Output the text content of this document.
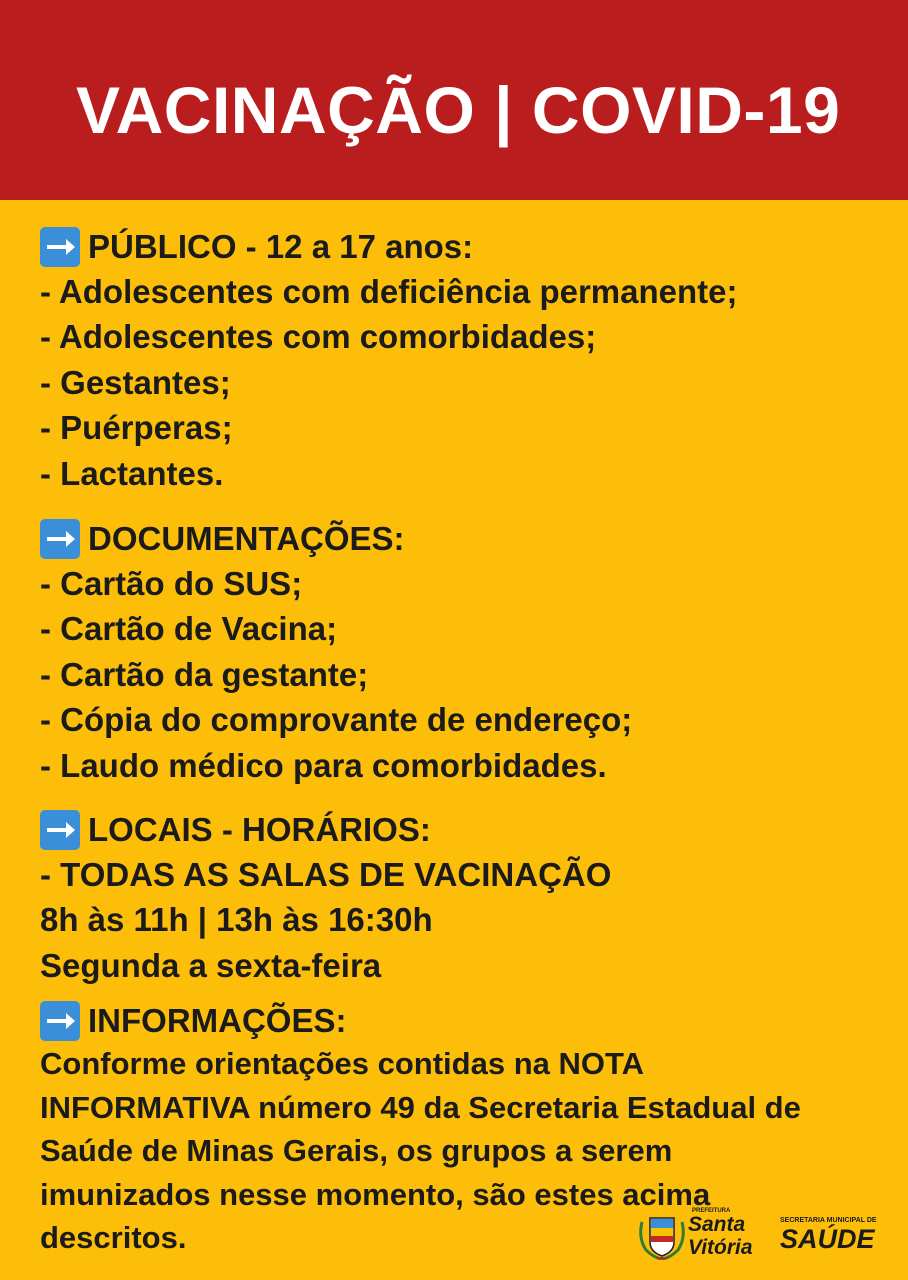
VACINAÇÃO | COVID-19
PÚBLICO - 12 a 17 anos:
- Adolescentes com deficiência permanente;
- Adolescentes com comorbidades;
- Gestantes;
- Puérperas;
- Lactantes.
DOCUMENTAÇÕES:
- Cartão do SUS;
- Cartão de Vacina;
- Cartão da gestante;
- Cópia do comprovante de endereço;
- Laudo médico para comorbidades.
LOCAIS - HORÁRIOS:
- TODAS AS SALAS DE VACINAÇÃO
8h às 11h | 13h às 16:30h
Segunda a sexta-feira
INFORMAÇÕES:
Conforme orientações contidas na NOTA INFORMATIVA número 49 da Secretaria Estadual de Saúde de Minas Gerais, os grupos a serem imunizados nesse momento, são estes acima descritos.
PREFEITURA
Santa
Vitória
SECRETARIA MUNICIPAL DE
SAÚDE
